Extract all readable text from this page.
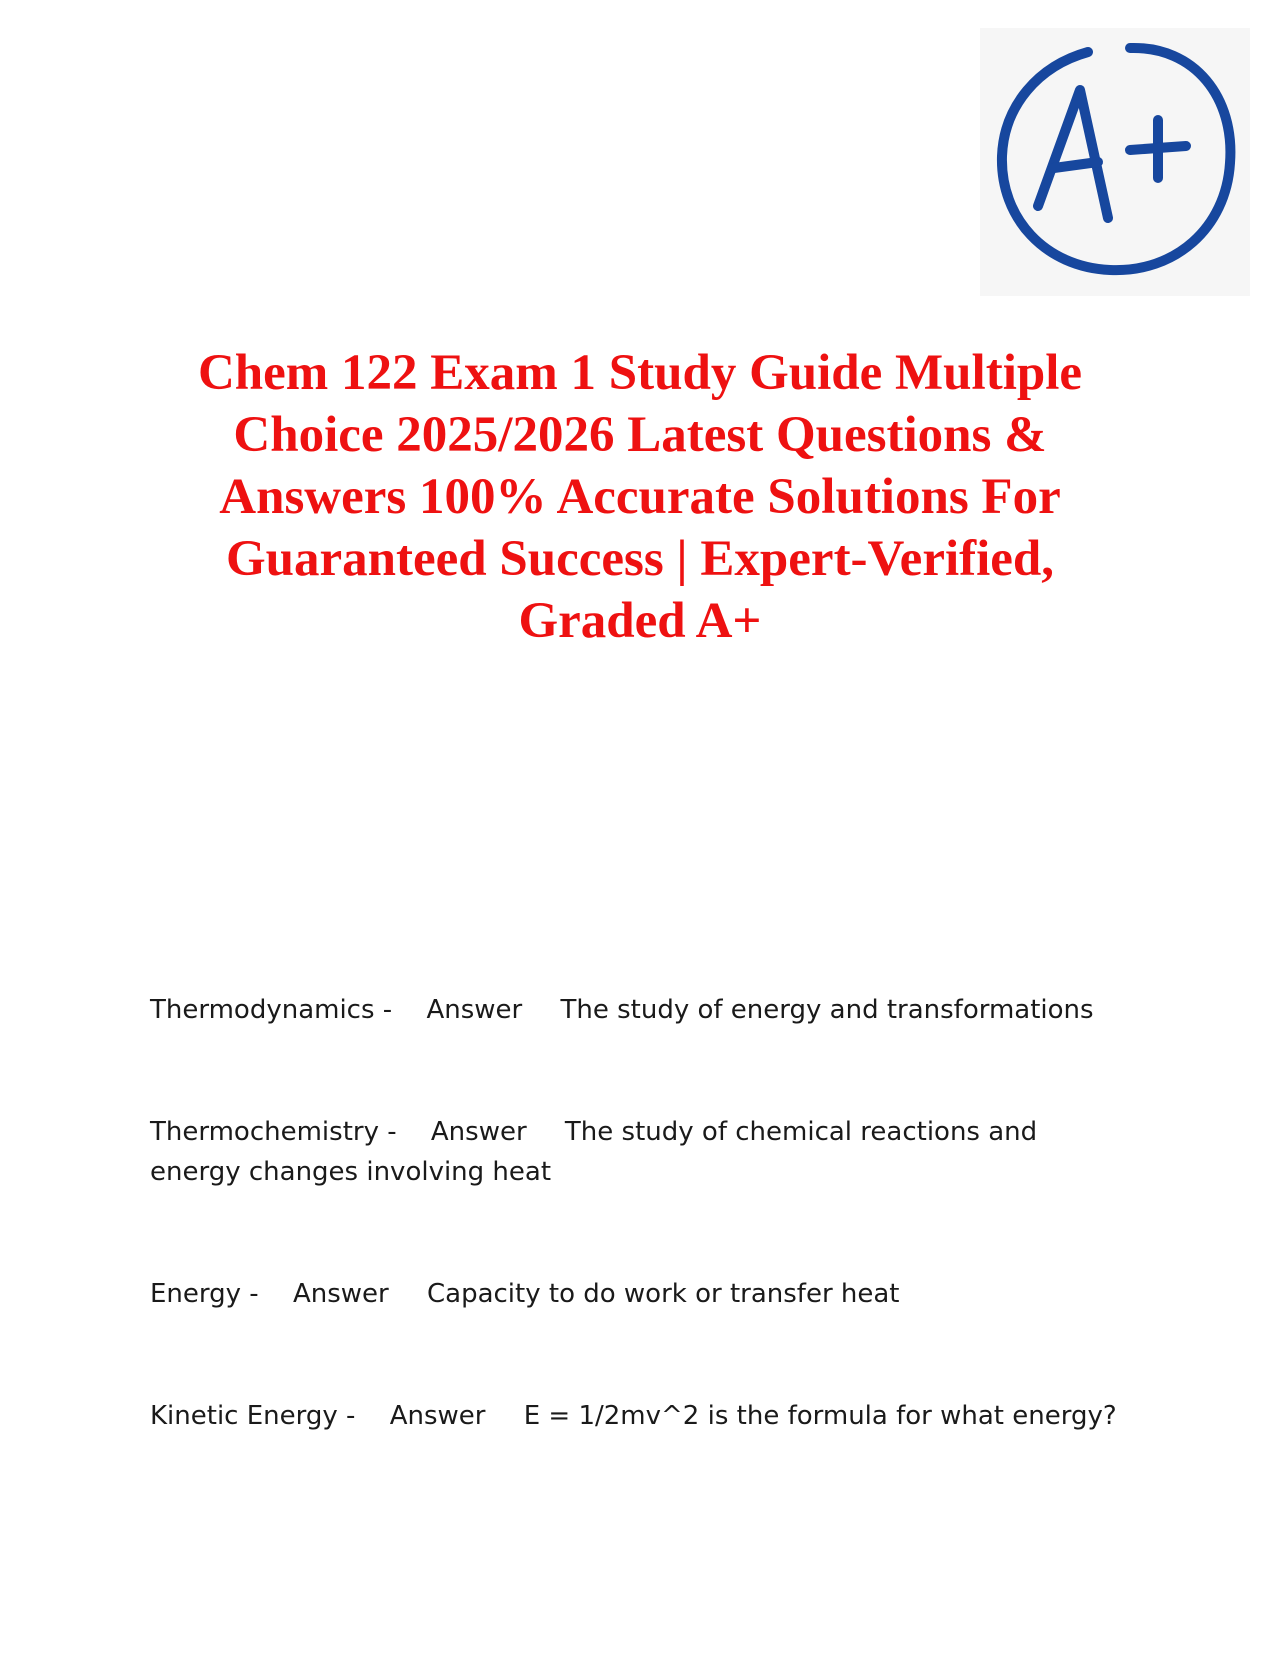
Chem 122 Exam 1 Study Guide Multiple Choice 2025/2026 Latest Questions & Answers 100% Accurate Solutions For Guaranteed Success | Expert-Verified, Graded A+
Thermodynamics - Answer The study of energy and transformations
Thermochemistry - Answer The study of chemical reactions and energy changes involving heat
Energy - Answer Capacity to do work or transfer heat
Kinetic Energy - Answer E = 1/2mv^2 is the formula for what energy?
